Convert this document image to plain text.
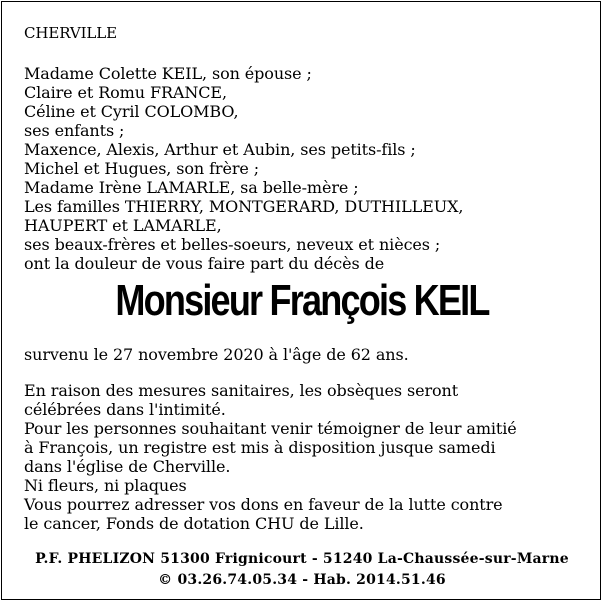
CHERVILLE
Madame Colette KEIL, son épouse ;
Claire et Romu FRANCE,
Céline et Cyril COLOMBO,
ses enfants ;
Maxence, Alexis, Arthur et Aubin, ses petits-fils ;
Michel et Hugues, son frère ;
Madame Irène LAMARLE, sa belle-mère ;
Les familles THIERRY, MONTGERARD, DUTHILLEUX,
HAUPERT et LAMARLE,
ses beaux-frères et belles-soeurs, neveux et nièces ;
ont la douleur de vous faire part du décès de
Monsieur François KEIL
survenu le 27 novembre 2020 à l'âge de 62 ans.
En raison des mesures sanitaires, les obsèques seront
célébrées dans l'intimité.
Pour les personnes souhaitant venir témoigner de leur amitié
à François, un registre est mis à disposition jusque samedi
dans l'église de Cherville.
Ni fleurs, ni plaques
Vous pourrez adresser vos dons en faveur de la lutte contre
le cancer, Fonds de dotation CHU de Lille.
P.F. PHELIZON 51300 Frignicourt - 51240 La-Chaussée-sur-Marne
© 03.26.74.05.34 - Hab. 2014.51.46
